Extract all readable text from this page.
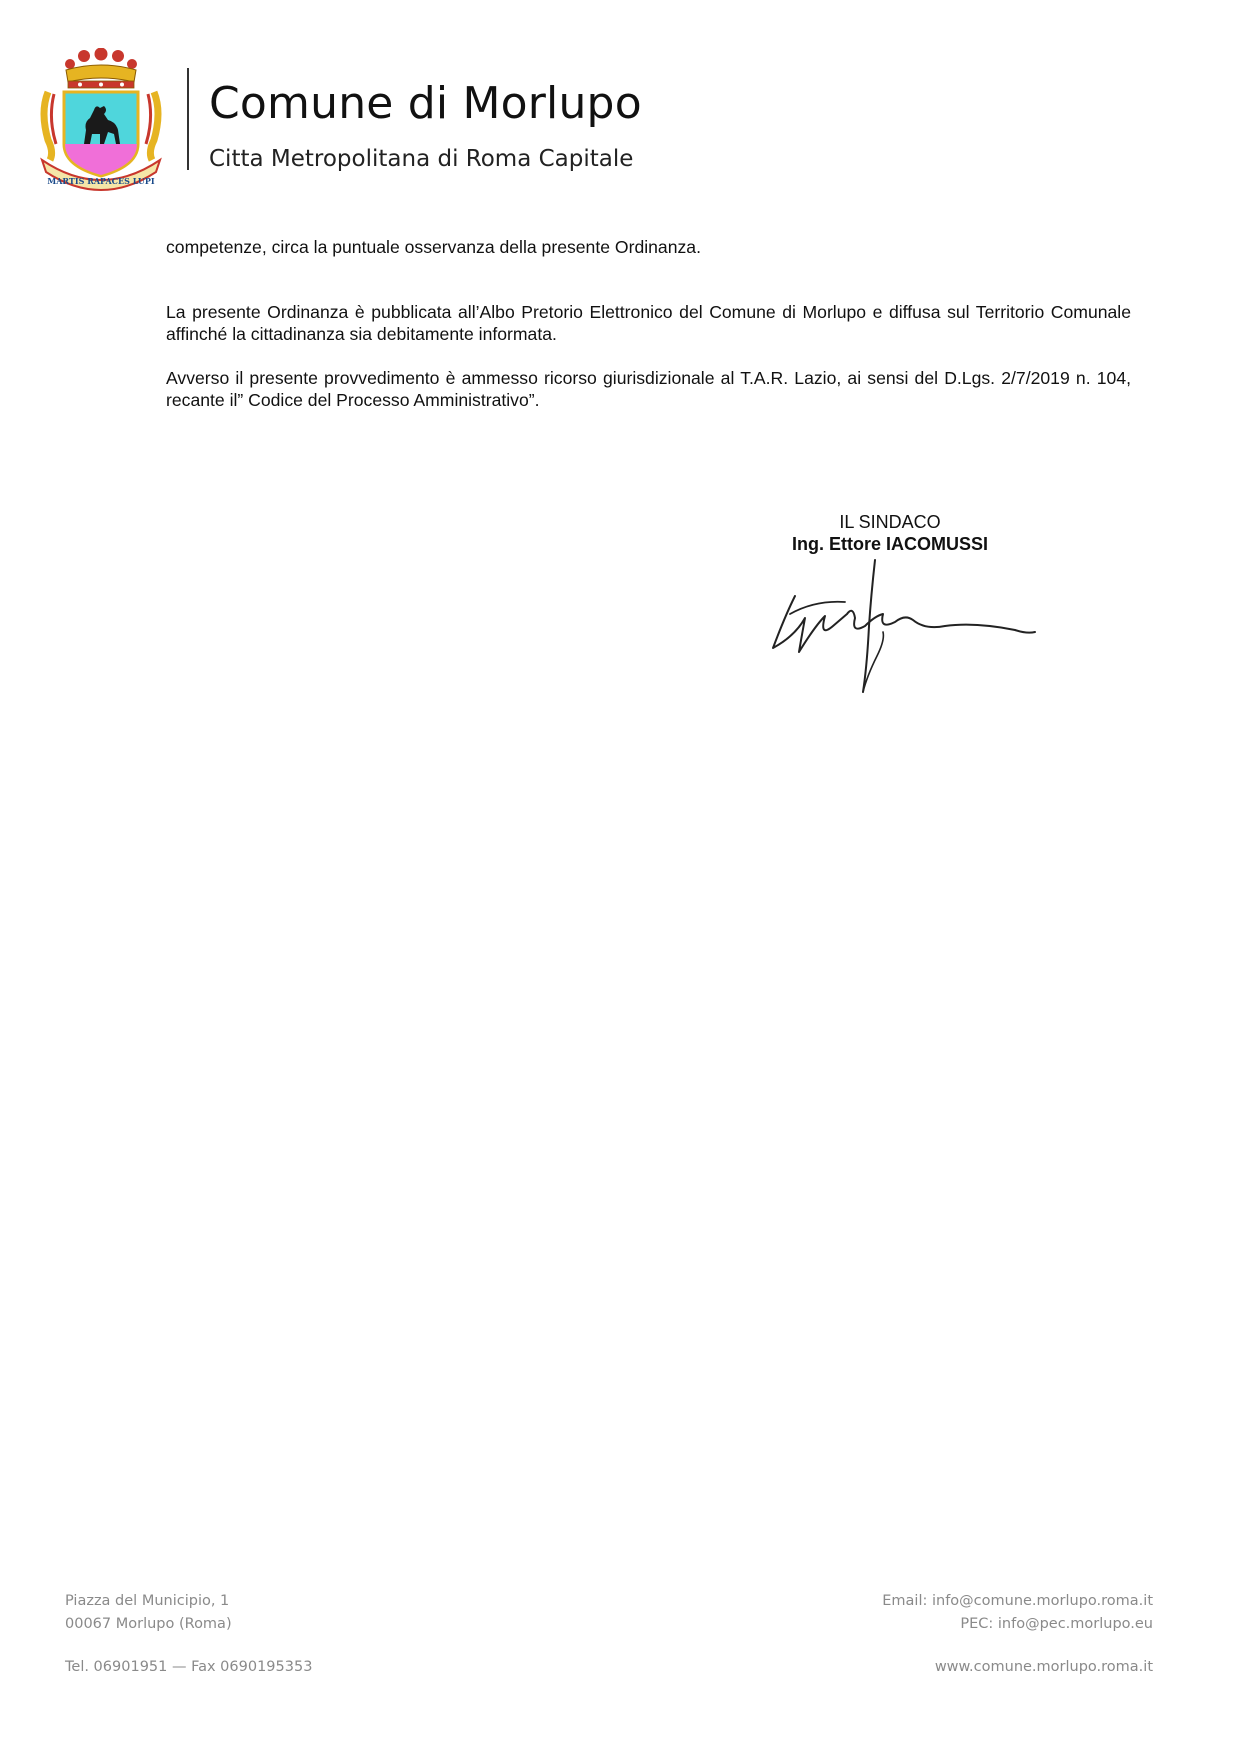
MARTIS RAPACES LUPI
Comune di Morlupo
Citta Metropolitana di Roma Capitale

competenze, circa la puntuale osservanza della presente Ordinanza.

La presente Ordinanza è pubblicata all’Albo Pretorio Elettronico del Comune di Morlupo e diffusa sul Territorio Comunale affinché la cittadinanza sia debitamente informata.

Avverso il presente provvedimento è ammesso ricorso giurisdizionale al T.A.R. Lazio, ai sensi del D.Lgs. 2/7/2019 n. 104, recante il” Codice del Processo Amministrativo”.

IL SINDACO
Ing. Ettore IACOMUSSI
Piazza del Municipio, 1
00067 Morlupo (Roma)
Tel. 06901951 — Fax 0690195353
Email: info@comune.morlupo.roma.it
PEC: info@pec.morlupo.eu
www.comune.morlupo.roma.it
